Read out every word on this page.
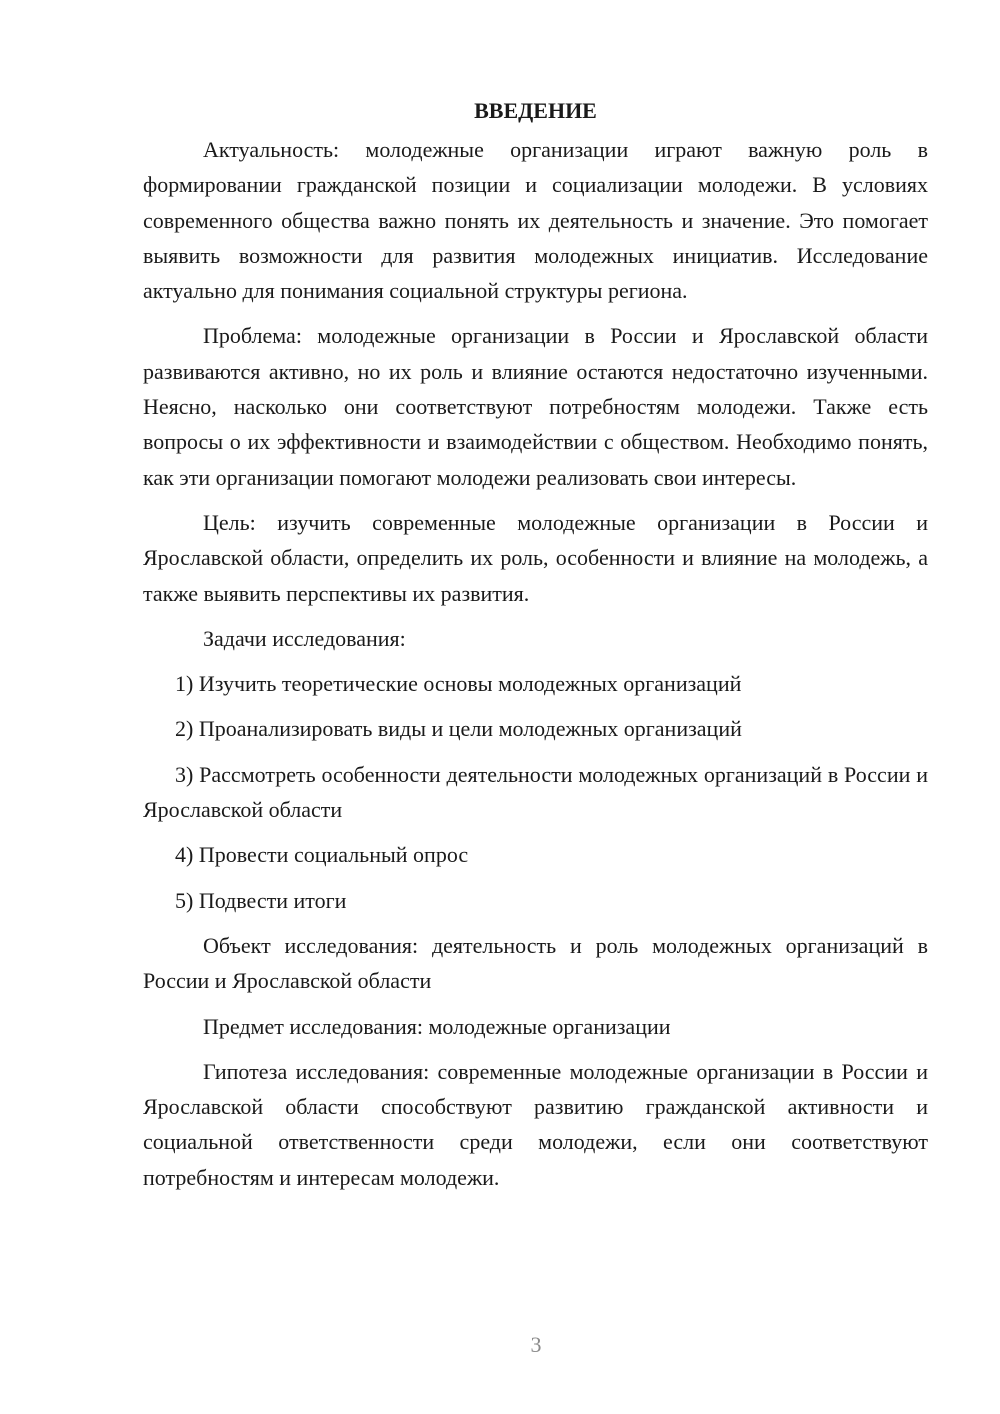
ВВЕДЕНИЕ

Актуальность: молодежные организации играют важную роль в формировании гражданской позиции и социализации молодежи. В условиях современного общества важно понять их деятельность и значение. Это помогает выявить возможности для развития молодежных инициатив. Исследование актуально для понимания социальной структуры региона.

Проблема: молодежные организации в России и Ярославской области развиваются активно, но их роль и влияние остаются недостаточно изученными. Неясно, насколько они соответствуют потребностям молодежи. Также есть вопросы о их эффективности и взаимодействии с обществом. Необходимо понять, как эти организации помогают молодежи реализовать свои интересы.

Цель: изучить современные молодежные организации в России и Ярославской области, определить их роль, особенности и влияние на молодежь, а также выявить перспективы их развития.

Задачи исследования:

1) Изучить теоретические основы молодежных организаций

2) Проанализировать виды и цели молодежных организаций

3) Рассмотреть особенности деятельности молодежных организаций в России и Ярославской области

4) Провести социальный опрос

5) Подвести итоги

Объект исследования: деятельность и роль молодежных организаций в России и Ярославской области

Предмет исследования: молодежные организации

Гипотеза исследования: современные молодежные организации в России и Ярославской области способствуют развитию гражданской активности и социальной ответственности среди молодежи, если они соответствуют потребностям и интересам молодежи.

3
